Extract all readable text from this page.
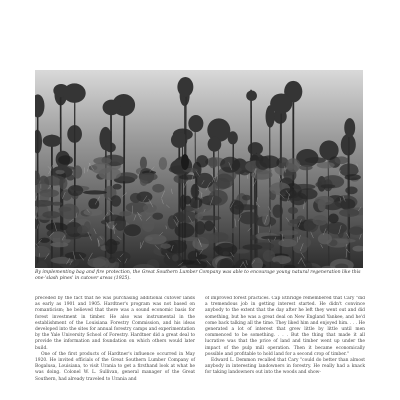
By implementing bag and fire protection, the Great Southern Lumber Company was able to encourage young natural regeneration like this one-'slash pines' in cutover areas (1925).

preceded by the fact that he was purchasing additional cutover lands as early as 1901 and 1905. Hardtner's program was not based on romanticism; he believed that there was a sound economic basis for forest investment in timber. He also was instrumental in the establishment of the Louisiana Forestry Commission, and his ideas developed into the sites for annual forestry camps and experimentation by the Yale University School of Forestry. Hardtner did a great deal to provide the information and foundation on which others would later build.

One of the first products of Hardtner's influence occurred in May 1920. He invited officials of the Great Southern Lumber Company of Bogalusa, Louisiana, to visit Urania to get a firsthand look at what he was doing. Colonel W. L. Sullivan, general manager of the Great Southern, had already traveled to Urania and

of improved forest practices. Cap Ethridge remembered that Cary "did a tremendous job in getting interest started. He didn't convince anybody to the extent that the day after he left they went out and did something, but he was a great deal on New England Yankee, and he'd come back talking all the time. They liked him and enjoyed him. . . . He generated a lot of interest that grew little by little until men commenced to be something. . . . But the thing that made it all lucrative was that the price of land and timber went up under the impact of the pulp mill operation. Then it became economically possible and profitable to hold land for a second crop of timber."

Edward L. Demmon recalled that Cary "could do better than almost anybody in interesting landowners in forestry. He really had a knack for taking landowners out into the woods and show-
